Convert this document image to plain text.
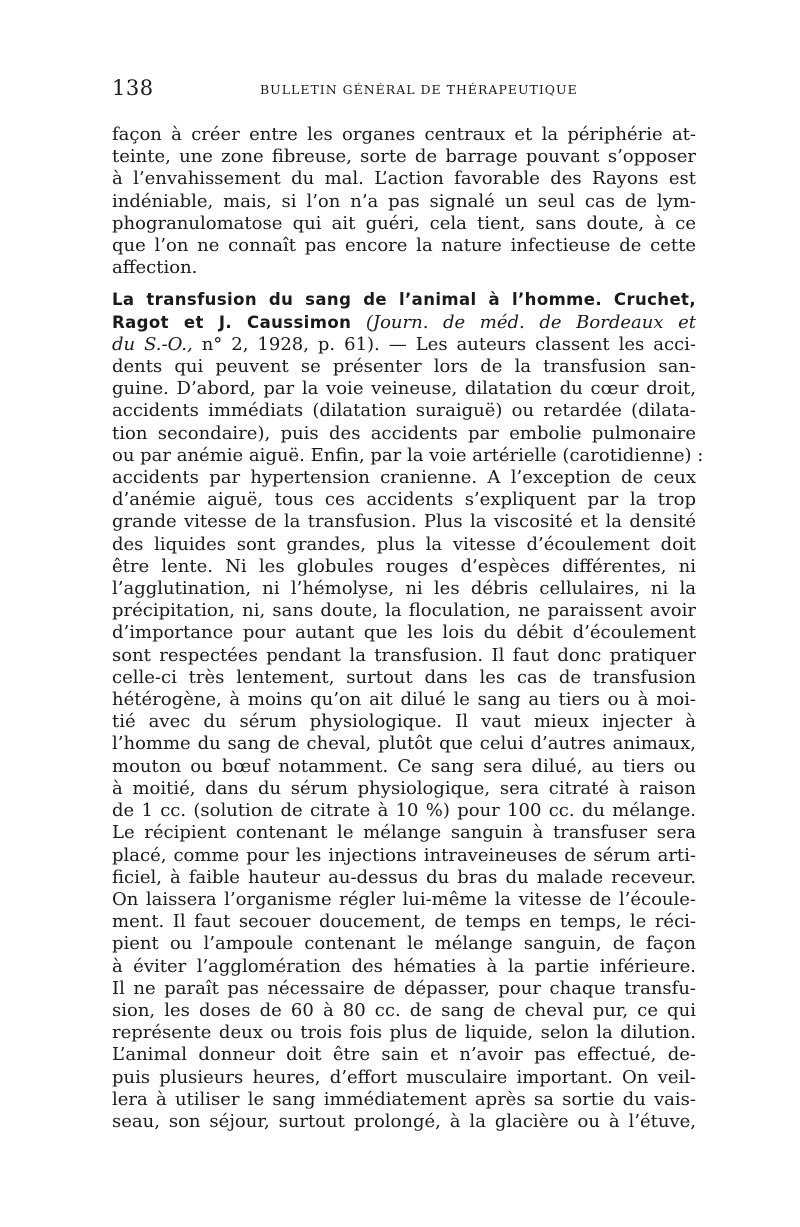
138	BULLETIN GÉNÉRAL DE THÉRAPEUTIQUE

façon à créer entre les organes centraux et la périphérie at-
teinte, une zone fibreuse, sorte de barrage pouvant s’opposer
à l’envahissement du mal. L’action favorable des Rayons est
indéniable, mais, si l’on n’a pas signalé un seul cas de lym-
phogranulomatose qui ait guéri, cela tient, sans doute, à ce
que l’on ne connaît pas encore la nature infectieuse de cette
affection.

La transfusion du sang de l’animal à l’homme. Cruchet,
Ragot et J. Caussimon (Journ. de méd. de Bordeaux et
du S.-O., n° 2, 1928, p. 61). — Les auteurs classent les acci-
dents qui peuvent se présenter lors de la transfusion san-
guine. D’abord, par la voie veineuse, dilatation du cœur droit,
accidents immédiats (dilatation suraiguë) ou retardée (dilata-
tion secondaire), puis des accidents par embolie pulmonaire
ou par anémie aiguë. Enfin, par la voie artérielle (carotidienne) :
accidents par hypertension cranienne. A l’exception de ceux
d’anémie aiguë, tous ces accidents s’expliquent par la trop
grande vitesse de la transfusion. Plus la viscosité et la densité
des liquides sont grandes, plus la vitesse d’écoulement doit
être lente. Ni les globules rouges d’espèces différentes, ni
l’agglutination, ni l’hémolyse, ni les débris cellulaires, ni la
précipitation, ni, sans doute, la floculation, ne paraissent avoir
d’importance pour autant que les lois du débit d’écoulement
sont respectées pendant la transfusion. Il faut donc pratiquer
celle-ci très lentement, surtout dans les cas de transfusion
hétérogène, à moins qu’on ait dilué le sang au tiers ou à moi-
tié avec du sérum physiologique. Il vaut mieux injecter à
l’homme du sang de cheval, plutôt que celui d’autres animaux,
mouton ou bœuf notamment. Ce sang sera dilué, au tiers ou
à moitié, dans du sérum physiologique, sera citraté à raison
de 1 cc. (solution de citrate à 10 %) pour 100 cc. du mélange.
Le récipient contenant le mélange sanguin à transfuser sera
placé, comme pour les injections intraveineuses de sérum arti-
ficiel, à faible hauteur au-dessus du bras du malade receveur.
On laissera l’organisme régler lui-même la vitesse de l’écoule-
ment. Il faut secouer doucement, de temps en temps, le réci-
pient ou l’ampoule contenant le mélange sanguin, de façon
à éviter l’agglomération des hématies à la partie inférieure.
Il ne paraît pas nécessaire de dépasser, pour chaque transfu-
sion, les doses de 60 à 80 cc. de sang de cheval pur, ce qui
représente deux ou trois fois plus de liquide, selon la dilution.
L’animal donneur doit être sain et n’avoir pas effectué, de-
puis plusieurs heures, d’effort musculaire important. On veil-
lera à utiliser le sang immédiatement après sa sortie du vais-
seau, son séjour, surtout prolongé, à la glacière ou à l’étuve,
